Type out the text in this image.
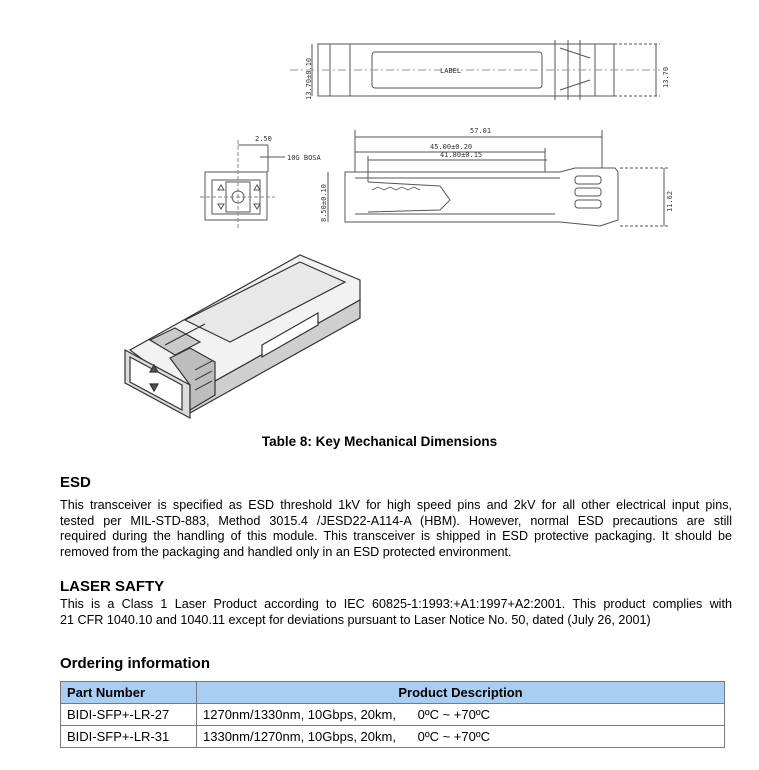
LABEL
13.70±0.10	13.70
2.50
10G BOSA
57.01
45.00±0.20
41.80±0.15
8.50±0.10	11.62
Table 8: Key Mechanical Dimensions
ESD
This transceiver is specified as ESD threshold 1kV for high speed pins and 2kV for all other electrical input pins,
tested per MIL-STD-883, Method 3015.4 /JESD22-A114-A (HBM). However, normal ESD precautions are still
required during the handling of this module. This transceiver is shipped in ESD protective packaging. It should be
removed from the packaging and handled only in an ESD protected environment.
LASER SAFTY
This is a Class 1 Laser Product according to IEC 60825-1:1993:+A1:1997+A2:2001. This product complies with
21 CFR 1040.10 and 1040.11 except for deviations pursuant to Laser Notice No. 50, dated (July 26, 2001)
Ordering information
Part Number	Product Description
BIDI-SFP+-LR-27	1270nm/1330nm, 10Gbps, 20km,      0ºC ~ +70ºC
BIDI-SFP+-LR-31	1330nm/1270nm, 10Gbps, 20km,      0ºC ~ +70ºC
